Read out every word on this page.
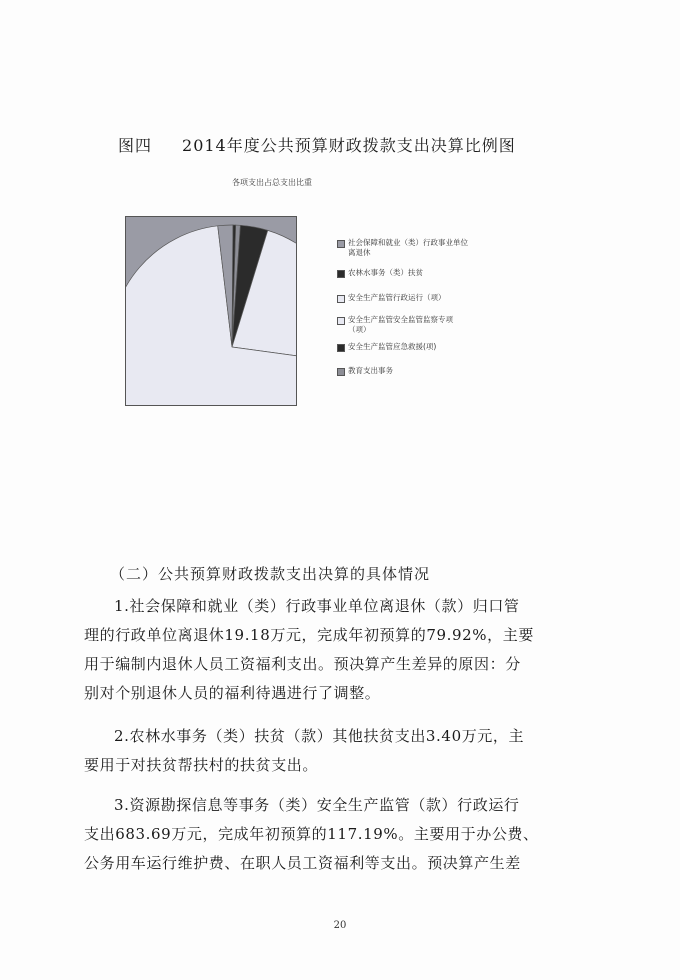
图四 2014年度公共预算财政拨款支出决算比例图
各项支出占总支出比重
社会保障和就业（类）行政事业单位离退休
农林水事务（类）扶贫
安全生产监管行政运行（项）
安全生产监管安全监管监察专项（项）
安全生产监管应急救援(项)
教育支出事务
（二）公共预算财政拨款支出决算的具体情况

1.社会保障和就业（类）行政事业单位离退休（款）归口管

理的行政单位离退休19.18万元，完成年初预算的79.92%，主要

用于编制内退休人员工资福利支出。预决算产生差异的原因：分

别对个别退休人员的福利待遇进行了调整。

2.农林水事务（类）扶贫（款）其他扶贫支出3.40万元，主

要用于对扶贫帮扶村的扶贫支出。

3.资源勘探信息等事务（类）安全生产监管（款）行政运行

支出683.69万元，完成年初预算的117.19%。主要用于办公费、

公务用车运行维护费、在职人员工资福利等支出。预决算产生差

20
